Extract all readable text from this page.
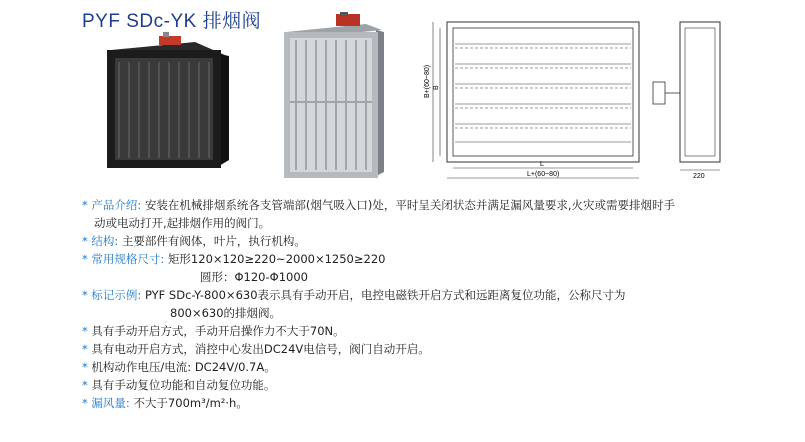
PYF SDc-YK 排烟阀
B+(60~80) B
L
L+(60~80)	220
* 产品介绍: 安装在机械排烟系统各支管端部(烟气吸入口)处，平时呈关闭状态并满足漏风量要求,火灾或需要排烟时手
动或电动打开,起排烟作用的阀门。
* 结构: 主要部件有阀体，叶片，执行机构。
* 常用规格尺寸: 矩形120×120≥220~2000×1250≥220
圆形：Φ120-Φ1000
* 标记示例: PYF SDc-Y-800×630表示具有手动开启，电控电磁铁开启方式和远距离复位功能，公称尺寸为
800×630的排烟阀。
* 具有手动开启方式，手动开启操作力不大于70N。
* 具有电动开启方式，消控中心发出DC24V电信号，阀门自动开启。
* 机构动作电压/电流: DC24V/0.7A。
* 具有手动复位功能和自动复位功能。
* 漏风量: 不大于700m³/m²·h。
